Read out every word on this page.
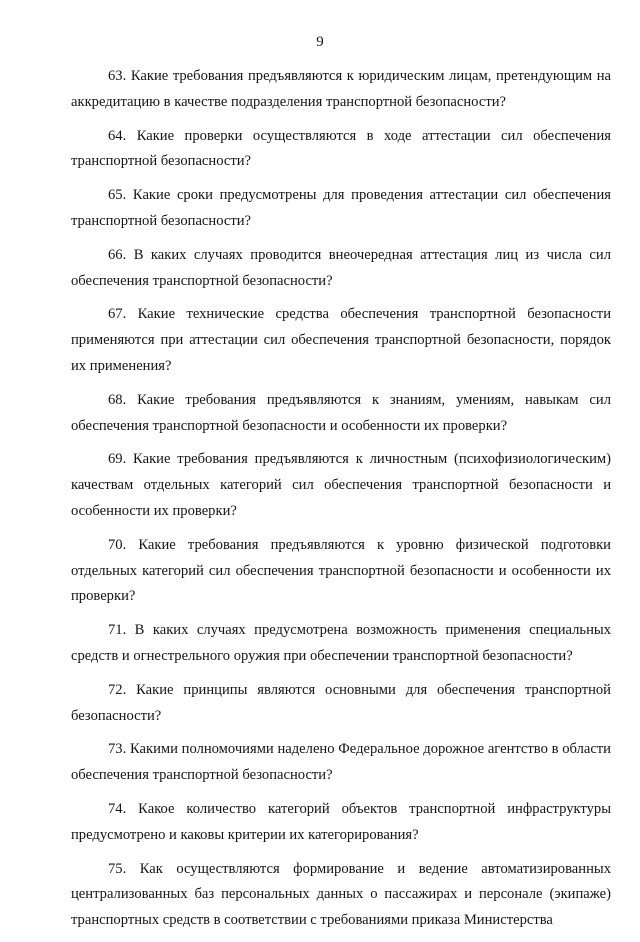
9

63. Какие требования предъявляются к юридическим лицам, претендующим на аккредитацию в качестве подразделения транспортной безопасности?

64. Какие проверки осуществляются в ходе аттестации сил обеспечения транспортной безопасности?

65. Какие сроки предусмотрены для проведения аттестации сил обеспечения транспортной безопасности?

66. В каких случаях проводится внеочередная аттестация лиц из числа сил обеспечения транспортной безопасности?

67. Какие технические средства обеспечения транспортной безопасности применяются при аттестации сил обеспечения транспортной безопасности, порядок их применения?

68. Какие требования предъявляются к знаниям, умениям, навыкам сил обеспечения транспортной безопасности и особенности их проверки?

69. Какие требования предъявляются к личностным (психофизиологическим) качествам отдельных категорий сил обеспечения транспортной безопасности и особенности их проверки?

70. Какие требования предъявляются к уровню физической подготовки отдельных категорий сил обеспечения транспортной безопасности и особенности их проверки?

71. В каких случаях предусмотрена возможность применения специальных средств и огнестрельного оружия при обеспечении транспортной безопасности?

72. Какие принципы являются основными для обеспечения транспортной безопасности?

73. Какими полномочиями наделено Федеральное дорожное агентство в области обеспечения транспортной безопасности?

74. Какое количество категорий объектов транспортной инфраструктуры предусмотрено и каковы критерии их категорирования?

75. Как осуществляются формирование и ведение автоматизированных централизованных баз персональных данных о пассажирах и персонале (экипаже) транспортных средств в соответствии с требованиями приказа Министерства
